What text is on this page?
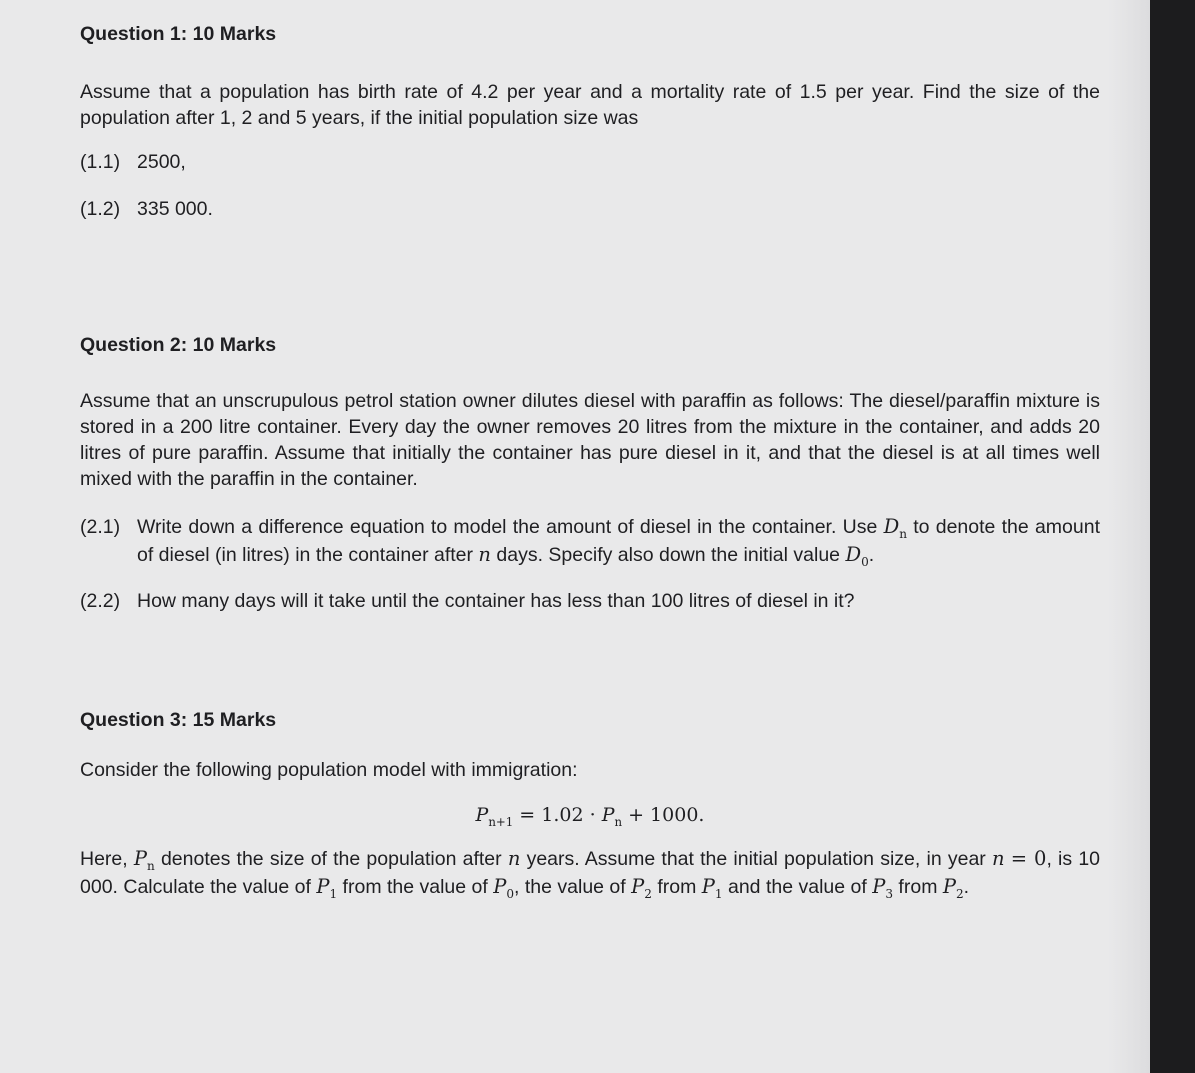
Question 1: 10 Marks

Assume that a population has birth rate of 4.2 per year and a mortality rate of 1.5 per year. Find the size of the population after 1, 2 and 5 years, if the initial population size was

(1.1) 2500,
(1.2) 335 000.

Question 2: 10 Marks

Assume that an unscrupulous petrol station owner dilutes diesel with paraffin as follows: The diesel/paraffin mixture is stored in a 200 litre container. Every day the owner removes 20 litres from the mixture in the container, and adds 20 litres of pure paraffin. Assume that initially the container has pure diesel in it, and that the diesel is at all times well mixed with the paraffin in the container.

(2.1) Write down a difference equation to model the amount of diesel in the container. Use $D_n$ to denote the amount of diesel (in litres) in the container after n days. Specify also down the initial value $D_0$.
(2.2) How many days will it take until the container has less than 100 litres of diesel in it?

Question 3: 15 Marks

Consider the following population model with immigration:

$P_{n+1} = 1.02 \cdot P_n + 1000$.

Here, $P_n$ denotes the size of the population after n years. Assume that the initial population size, in year n = 0, is 10 000. Calculate the value of $P_1$ from the value of $P_0$, the value of $P_2$ from $P_1$ and the value of $P_3$ from $P_2$.
